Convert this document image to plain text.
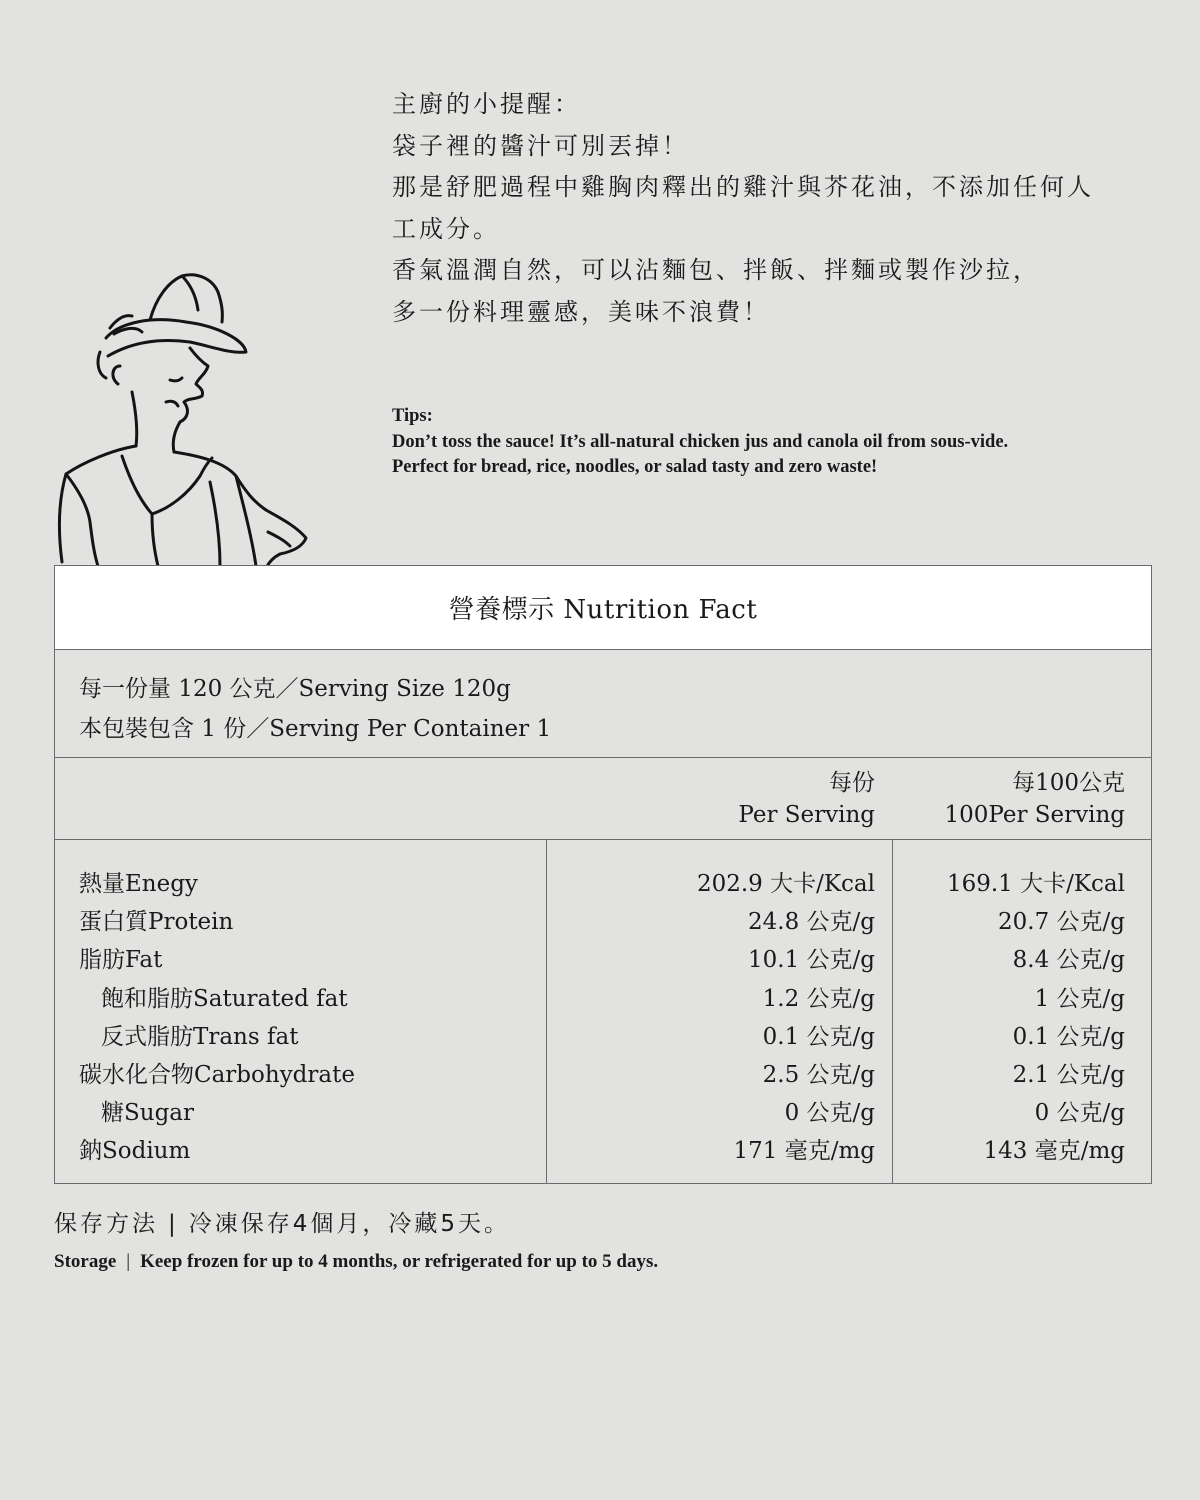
主廚的小提醒：
袋子裡的醬汁可別丟掉！
那是舒肥過程中雞胸肉釋出的雞汁與芥花油，不添加任何人
工成分。
香氣溫潤自然，可以沾麵包、拌飯、拌麵或製作沙拉，
多一份料理靈感，美味不浪費！
Tips:
Don’t toss the sauce! It’s all-natural chicken jus and canola oil from sous-vide.
Perfect for bread, rice, noodles, or salad tasty and zero waste!
營養標示 Nutrition Fact
每一份量 120 公克／Serving Size 120g
本包裝包含 1 份／Serving Per Container 1
每份
Per Serving
每100公克
100Per Serving
熱量Enegy	202.9 大卡/Kcal	169.1 大卡/Kcal
蛋白質Protein	24.8 公克/g	20.7 公克/g
脂肪Fat	10.1 公克/g	8.4 公克/g
飽和脂肪Saturated fat	1.2 公克/g	1 公克/g
反式脂肪Trans fat	0.1 公克/g	0.1 公克/g
碳水化合物Carbohydrate	2.5 公克/g	2.1 公克/g
糖Sugar	0 公克/g	0 公克/g
鈉Sodium	171 毫克/mg	143 毫克/mg
保存方法 | 冷凍保存4個月，冷藏5天。
Storage | Keep frozen for up to 4 months, or refrigerated for up to 5 days.
